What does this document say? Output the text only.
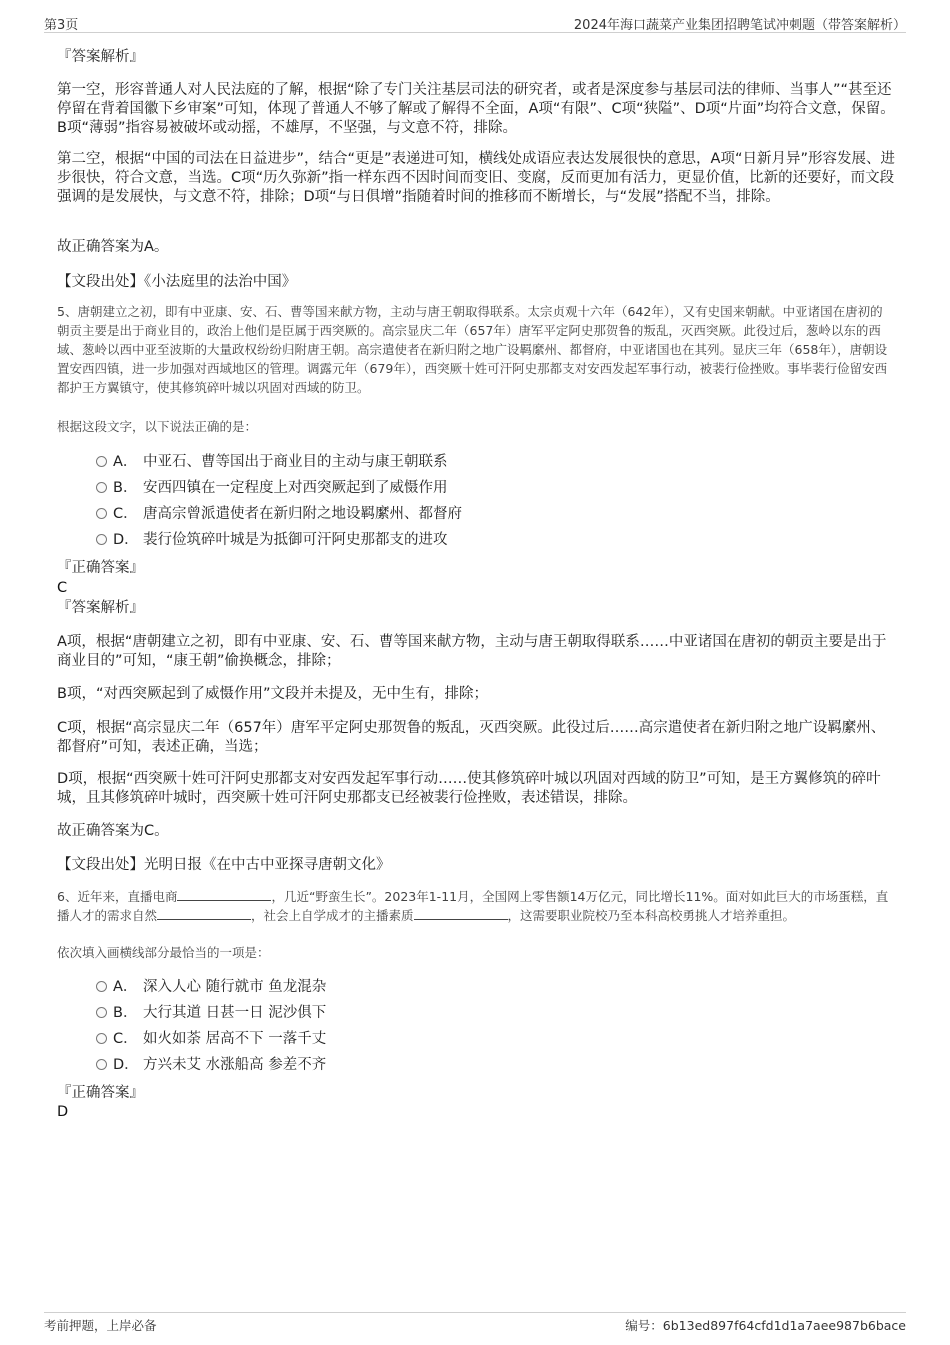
第3页	2024年海口蔬菜产业集团招聘笔试冲刺题（带答案解析）
『答案解析』
第一空，形容普通人对人民法庭的了解，根据“除了专门关注基层司法的研究者，或者是深度参与基层司法的律师、当事人”“甚至还停留在背着国徽下乡审案”可知，体现了普通人不够了解或了解得不全面，A项“有限”、C项“狭隘”、D项“片面”均符合文意，保留。B项“薄弱”指容易被破坏或动摇，不雄厚，不坚强，与文意不符，排除。
第二空，根据“中国的司法在日益进步”，结合“更是”表递进可知，横线处成语应表达发展很快的意思，A项“日新月异”形容发展、进步很快，符合文意，当选。C项“历久弥新”指一样东西不因时间而变旧、变腐，反而更加有活力，更显价值，比新的还要好，而文段强调的是发展快，与文意不符，排除；D项“与日俱增”指随着时间的推移而不断增长，与“发展”搭配不当，排除。
故正确答案为A。
【文段出处】《小法庭里的法治中国》
5、唐朝建立之初，即有中亚康、安、石、曹等国来献方物，主动与唐王朝取得联系。太宗贞观十六年（642年），又有史国来朝献。中亚诸国在唐初的朝贡主要是出于商业目的，政治上他们是臣属于西突厥的。高宗显庆二年（657年）唐军平定阿史那贺鲁的叛乱，灭西突厥。此役过后，葱岭以东的西域、葱岭以西中亚至波斯的大量政权纷纷归附唐王朝。高宗遣使者在新归附之地广设羁縻州、都督府，中亚诸国也在其列。显庆三年（658年），唐朝设置安西四镇，进一步加强对西域地区的管理。调露元年（679年），西突厥十姓可汗阿史那都支对安西发起军事行动，被裴行俭挫败。事毕裴行俭留安西都护王方翼镇守，使其修筑碎叶城以巩固对西域的防卫。
根据这段文字，以下说法正确的是：
A． 中亚石、曹等国出于商业目的主动与康王朝联系
B． 安西四镇在一定程度上对西突厥起到了威慑作用
C． 唐高宗曾派遣使者在新归附之地设羁縻州、都督府
D． 裴行俭筑碎叶城是为抵御可汗阿史那都支的进攻
『正确答案』
C
『答案解析』
A项，根据“唐朝建立之初，即有中亚康、安、石、曹等国来献方物，主动与唐王朝取得联系……中亚诸国在唐初的朝贡主要是出于商业目的”可知，“康王朝”偷换概念，排除；
B项，“对西突厥起到了威慑作用”文段并未提及，无中生有，排除；
C项，根据“高宗显庆二年（657年）唐军平定阿史那贺鲁的叛乱，灭西突厥。此役过后……高宗遣使者在新归附之地广设羁縻州、都督府”可知，表述正确，当选；
D项，根据“西突厥十姓可汗阿史那都支对安西发起军事行动……使其修筑碎叶城以巩固对西域的防卫”可知，是王方翼修筑的碎叶城，且其修筑碎叶城时，西突厥十姓可汗阿史那都支已经被裴行俭挫败，表述错误，排除。
故正确答案为C。
【文段出处】光明日报《在中古中亚探寻唐朝文化》
6、近年来，直播电商	，几近“野蛮生长”。2023年1-11月，全国网上零售额14万亿元，同比增长11%。面对如此巨大的市场蛋糕，直播人才的需求自然	，社会上自学成才的主播素质	，这需要职业院校乃至本科高校勇挑人才培养重担。
依次填入画横线部分最恰当的一项是：
A． 深入人心 随行就市 鱼龙混杂
B． 大行其道 日甚一日 泥沙俱下
C． 如火如荼 居高不下 一落千丈
D． 方兴未艾 水涨船高 参差不齐
『正确答案』
D
考前押题，上岸必备	编号：6b13ed897f64cfd1d1a7aee987b6bace
